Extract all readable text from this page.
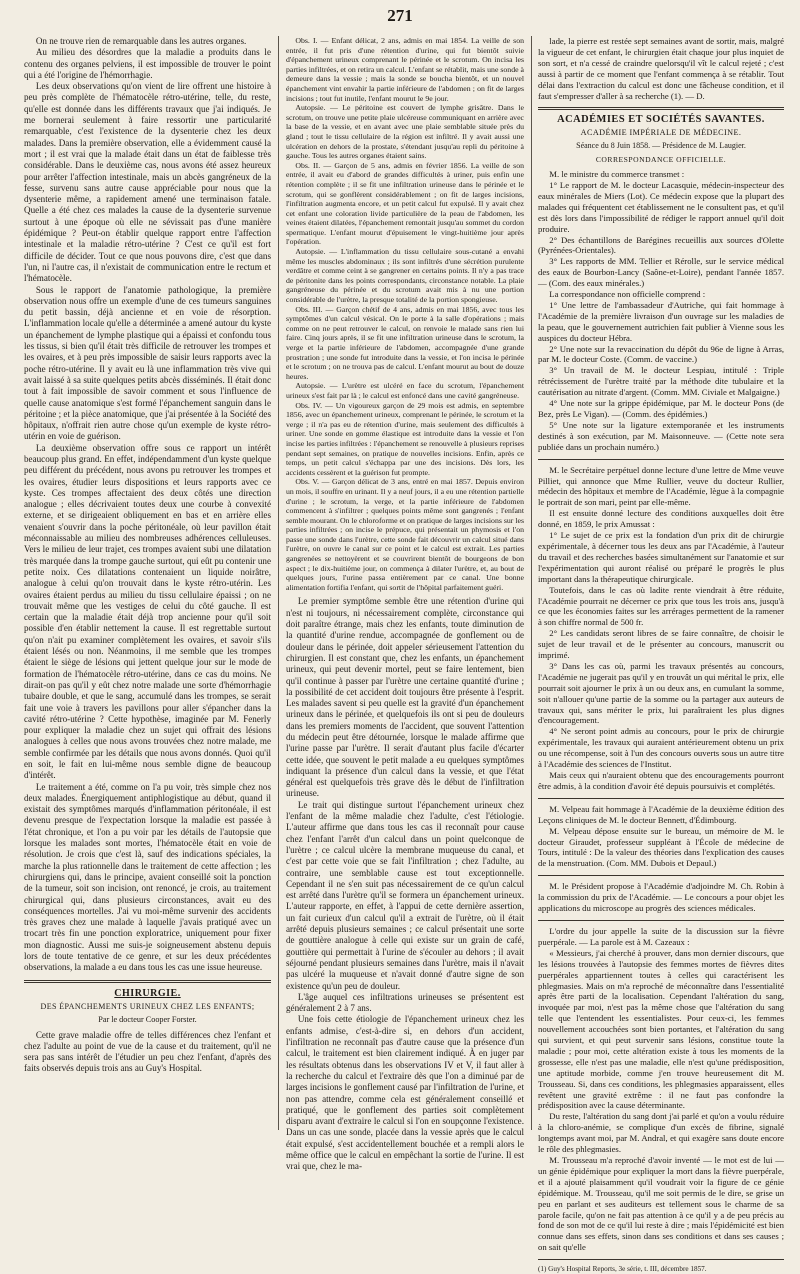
271

On ne trouve rien de remarquable dans les autres organes.

Au milieu des désordres que la maladie a produits dans le contenu des organes pelviens, il est impossible de trouver le point qui a été l'origine de l'hémorrhagie.

Les deux observations qu'on vient de lire offrent une histoire à peu près complète de l'hématocèle rétro-utérine, telle, du reste, qu'elle est donnée dans les différents travaux que j'ai indiqués. Je me bornerai seulement à faire ressortir une particularité remarquable, c'est l'existence de la dysenterie chez les deux malades. Dans la première observation, elle a évidemment causé la mort ; il est vrai que la malade était dans un état de faiblesse très considérable. Dans le deuxième cas, nous avons été assez heureux pour arrêter l'affection intestinale, mais un abcès gangréneux de la fesse, survenu sans autre cause appréciable pour nous que la dysenterie même, a rapidement amené une terminaison fatale. Quelle a été chez ces malades la cause de la dysenterie survenue surtout à une époque où elle ne sévissait pas d'une manière épidémique ? Peut-on établir quelque rapport entre l'affection intestinale et la maladie rétro-utérine ? C'est ce qu'il est fort difficile de décider. Tout ce que nous pouvons dire, c'est que dans l'un, ni l'autre cas, il n'existait de communication entre le rectum et l'hématocèle.

Sous le rapport de l'anatomie pathologique, la première observation nous offre un exemple d'une de ces tumeurs sanguines du petit bassin, déjà ancienne et en voie de résorption. L'inflammation locale qu'elle a déterminée a amené autour du kyste un épanchement de lymphe plastique qui a épaissi et confondu tous les tissus, si bien qu'il était très difficile de retrouver les trompes et les ovaires, et à peu près impossible de saisir leurs rapports avec la poche rétro-utérine. Il y avait eu là une inflammation très vive qui avait laissé à sa suite quelques petits abcès disséminés. Il était donc tout à fait impossible de savoir comment et sous l'influence de quelle cause anatomique s'est formé l'épanchement sanguin dans le péritoine ; et la pièce anatomique, que j'ai présentée à la Société des hôpitaux, n'offrait rien autre chose qu'un exemple de kyste rétro-utérin en voie de guérison.

La deuxième observation offre sous ce rapport un intérêt beaucoup plus grand. En effet, indépendamment d'un kyste quelque peu différent du précédent, nous avons pu retrouver les trompes et les ovaires, étudier leurs dispositions et leurs rapports avec ce kyste. Ces trompes affectaient des deux côtés une direction analogue ; elles décrivaient toutes deux une courbe à convexité externe, et se dirigeaient obliquement en bas et en arrière elles venaient s'ouvrir dans la poche péritonéale, où leur pavillon était méconnaissable au milieu des nombreuses adhérences celluleuses. Vers le milieu de leur trajet, ces trompes avaient subi une dilatation très marquée dans la trompe gauche surtout, qui eût pu contenir une petite noix. Ces dilatations contenaient un liquide noirâtre, analogue à celui qu'on trouvait dans le kyste rétro-utérin. Les ovaires étaient perdus au milieu du tissu cellulaire épaissi ; on ne trouvait même que les vestiges de celui du côté gauche. Il est certain que la maladie était déjà trop ancienne pour qu'il soit possible d'en établir nettement la cause. Il est regrettable surtout qu'on n'ait pu examiner complètement les ovaires, et savoir s'ils étaient lésés ou non. Néanmoins, il me semble que les trompes étaient le siège de lésions qui jettent quelque jour sur le mode de formation de l'hématocèle rétro-utérine, dans ce cas du moins. Ne dirait-on pas qu'il y eût chez notre malade une sorte d'hémorrhagie tubaire double, et que le sang, accumulé dans les trompes, se serait fait une voie à travers les pavillons pour aller s'épancher dans la cavité rétro-utérine ? Cette hypothèse, imaginée par M. Fenerly pour expliquer la maladie chez un sujet qui offrait des lésions analogues à celles que nous avons trouvées chez notre malade, me semble confirmée par les détails que nous avons donnés. Quoi qu'il en soit, le fait en lui-même nous semble digne de beaucoup d'intérêt.

Le traitement a été, comme on l'a pu voir, très simple chez nos deux malades. Énergiquement antiphlogistique au début, quand il existait des symptômes marqués d'inflammation péritonéale, il est devenu presque de l'expectation lorsque la maladie est passée à l'état chronique, et l'on a pu voir par les détails de l'autopsie que lorsque les malades sont mortes, l'hématocèle était en voie de résolution. Je crois que c'est là, sauf des indications spéciales, la marche la plus rationnelle dans le traitement de cette affection ; les chirurgiens qui, dans le principe, avaient conseillé soit la ponction de la tumeur, soit son incision, ont renoncé, je crois, au traitement chirurgical qui, dans plusieurs circonstances, avait eu des conséquences mortelles. J'ai vu moi-même survenir des accidents très graves chez une malade à laquelle j'avais pratiqué avec un trocart très fin une ponction exploratrice, uniquement pour fixer mon diagnostic. Aussi me suis-je soigneusement abstenu depuis lors de toute tentative de ce genre, et sur les deux précédentes observations, la malade a eu dans tous les cas une issue heureuse.

CHIRURGIE.
DES ÉPANCHEMENTS URINEUX CHEZ LES ENFANTS;
Par le docteur Cooper Forster.

Cette grave maladie offre de telles différences chez l'enfant et chez l'adulte au point de vue de la cause et du traitement, qu'il ne sera pas sans intérêt de l'étudier un peu chez l'enfant, d'après des faits observés depuis trois ans au Guy's Hospital.

Obs. I. — Enfant délicat, 2 ans, admis en mai 1854. La veille de son entrée, il fut pris d'une rétention d'urine, qui fut bientôt suivie d'épanchement urineux comprenant le périnée et le scrotum. On incisa les parties infiltrées, et on retira un calcul. L'enfant se rétablit, mais une sonde à demeure dans la vessie ; mais la sonde se boucha bientôt, et un nouvel épanchement vint envahir la partie inférieure de l'abdomen ; on fit de larges incisions ; tout fut inutile, l'enfant mourut le 9e jour.

Autopsie. — Le péritoine est couvert de lymphe grisâtre. Dans le scrotum, on trouve une petite plaie ulcéreuse communiquant en arrière avec la base de la vessie, et en avant avec une plaie semblable située près du gland ; tout le tissu cellulaire de la région est infiltré. Il y avait aussi une ulcération en dehors de la prostate, s'étendant jusqu'au repli du péritoine à gauche. Tous les autres organes étaient sains.

Obs. II. — Garçon de 5 ans, admis en février 1856. La veille de son entrée, il avait eu d'abord de grandes difficultés à uriner, puis enfin une rétention complète ; il se fit une infiltration urineuse dans le périnée et le scrotum, qui se gonflèrent considérablement ; on fit de larges incisions, l'infiltration augmenta encore, et un petit calcul fut expulsé. Il y avait chez cet enfant une coloration livide particulière de la peau de l'abdomen, les veines étaient dilatées, l'épanchement remontait jusqu'au sommet du cordon spermatique. L'enfant mourut d'épuisement le vingt-huitième jour après l'opération.

Autopsie. — L'inflammation du tissu cellulaire sous-cutané a envahi même les muscles abdominaux ; ils sont infiltrés d'une sécrétion purulente verdâtre et comme ceint à se gangrener en certains points. Il n'y a pas trace de péritonite dans les points correspondants, circonstance notable. La plaie gangréneuse du périnée et du scrotum avait mis à nu une portion considérable de l'urètre, la presque totalité de la portion spongieuse.

Obs. III. — Garçon chétif de 4 ans, admis en mai 1856, avec tous les symptômes d'un calcul vésical. On le porte à la salle d'opérations ; mais comme on ne peut retrouver le calcul, on renvoie le malade sans rien lui faire. Cinq jours après, il se fit une infiltration urineuse dans le scrotum, la verge et la partie inférieure de l'abdomen, accompagnée d'une grande prostration ; une sonde fut introduite dans la vessie, et l'on incisa le périnée et le scrotum ; on ne trouva pas de calcul. L'enfant mourut au bout de douze heures.

Autopsie. — L'urètre est ulcéré en face du scrotum, l'épanchement urineux s'est fait par là ; le calcul est enfoncé dans une cavité gangréneuse.

Obs. IV. — Un vigoureux garçon de 29 mois est admis, en septembre 1856, avec un épanchement urineux, comprenant le périnée, le scrotum et la verge ; il n'a pas eu de rétention d'urine, mais seulement des difficultés à uriner. Une sonde en gomme élastique est introduite dans la vessie et l'on incise les parties infiltrées : l'épanchement se renouvelle à plusieurs reprises pendant sept semaines, on pratique de nouvelles incisions. Enfin, après ce temps, un petit calcul s'échappa par une des incisions. Dès lors, les accidents cessèrent et la guérison fut prompte.

Obs. V. — Garçon délicat de 3 ans, entré en mai 1857. Depuis environ un mois, il souffre en urinant. Il y a neuf jours, il a eu une rétention partielle d'urine ; le scrotum, la verge, et la partie inférieure de l'abdomen commencent à s'infiltrer ; quelques points même sont gangrenés ; l'enfant semble mourant. On le chloroforme et on pratique de larges incisions sur les parties infiltrées ; on incise le prépuce, qui présentait un phymosis et l'on passe une sonde dans l'urètre, cette sonde fait découvrir un calcul situé dans l'urètre, on ouvre le canal sur ce point et le calcul est extrait. Les parties gangrenées se nettoyèrent et se couvrirent bientôt de bourgeons de bon aspect ; le dix-huitième jour, on commença à dilater l'urètre, et, au bout de quelques jours, l'urine passa entièrement par ce canal. Une bonne alimentation fortifia l'enfant, qui sortit de l'hôpital parfaitement guéri.

Le premier symptôme semble être une rétention d'urine qui n'est ni toujours, ni nécessairement complète, circonstance qui doit paraître étrange, mais chez les enfants, toute diminution de la quantité d'urine rendue, accompagnée de gonflement ou de douleur dans le périnée, doit appeler sérieusement l'attention du chirurgien. Il est constant que, chez les enfants, un épanchement urineux, qui peut devenir mortel, peut se faire lentement, bien qu'il continue à passer par l'urètre une certaine quantité d'urine ; la possibilité de cet accident doit toujours être présente à l'esprit. Les malades savent si peu quelle est la gravité d'un épanchement urineux dans le périnée, et quelquefois ils ont si peu de douleurs dans les premiers moments de l'accident, que souvent l'attention du médecin peut être détournée, lorsque le malade affirme que l'urine passe par l'urètre. Il serait d'autant plus facile d'écarter cette idée, que souvent le petit malade a eu quelques symptômes indiquant la présence d'un calcul dans la vessie, et que l'état général est quelquefois très grave dès le début de l'infiltration urineuse.

Le trait qui distingue surtout l'épanchement urineux chez l'enfant de la même maladie chez l'adulte, c'est l'étiologie. L'auteur affirme que dans tous les cas il reconnaît pour cause chez l'enfant l'arrêt d'un calcul dans un point quelconque de l'urètre ; ce calcul ulcère la membrane muqueuse du canal, et c'est par cette voie que se fait l'infiltration ; chez l'adulte, au contraire, une semblable cause est tout exceptionnelle. Cependant il ne s'en suit pas nécessairement de ce qu'un calcul est arrêté dans l'urètre qu'il se formera un épanchement urineux. L'auteur rapporte, en effet, à l'appui de cette dernière assertion, un fait curieux d'un calcul qu'il a extrait de l'urètre, où il était arrêté depuis plusieurs semaines ; ce calcul présentait une sorte de gouttière analogue à celle qui existe sur un grain de café, gouttière qui permettait à l'urine de s'écouler au dehors ; il avait séjourné pendant plusieurs semaines dans l'urètre, mais il n'avait pas ulcéré la muqueuse et n'avait donné d'autre signe de son existence qu'un peu de douleur.

L'âge auquel ces infiltrations urineuses se présentent est généralement 2 à 7 ans.

Une fois cette étiologie de l'épanchement urineux chez les enfants admise, c'est-à-dire si, en dehors d'un accident, l'infiltration ne reconnaît pas d'autre cause que la présence d'un calcul, le traitement est bien clairement indiqué. À en juger par les résultats obtenus dans les observations IV et V, il faut aller à la recherche du calcul et l'extraire dès que l'on a diminué par de larges incisions le gonflement causé par l'infiltration de l'urine, et non pas attendre, comme cela est généralement conseillé et pratiqué, que le gonflement des parties soit complètement disparu avant d'extraire le calcul si l'on en soupçonne l'existence. Dans un cas une sonde, placée dans la vessie après que le calcul était expulsé, s'est accidentellement bouchée et a rempli alors le même office que le calcul en empêchant la sortie de l'urine. Il est vrai que, chez le ma-

lade, la pierre est restée sept semaines avant de sortir, mais, malgré la vigueur de cet enfant, le chirurgien était chaque jour plus inquiet de son sort, et n'a cessé de craindre quelorsqu'il vît le calcul rejeté ; c'est aussi à partir de ce moment que l'enfant commença à se rétablir. Tout délai dans l'extraction du calcul est donc une fâcheuse condition, et il faut s'empresser d'aller à sa recherche (1). — D.

ACADÉMIES ET SOCIÉTÉS SAVANTES.
ACADÉMIE IMPÉRIALE DE MÉDECINE.
Séance du 8 Juin 1858. — Présidence de M. Laugier.
CORRESPONDANCE OFFICIELLE.

M. le ministre du commerce transmet :

1° Le rapport de M. le docteur Lacasquie, médecin-inspecteur des eaux minérales de Miers (Lot). Ce médecin expose que la plupart des malades qui fréquentent cet établissement ne le consultent pas, et qu'il est dès lors dans l'impossibilité de rédiger le rapport annuel qu'il doit produire.

2° Des échantillons de Barégines recueillis aux sources d'Olette (Pyrénées-Orientales).

3° Les rapports de MM. Tellier et Rérolle, sur le service médical des eaux de Bourbon-Lancy (Saône-et-Loire), pendant l'année 1857. — (Com. des eaux minérales.)

La correspondance non officielle comprend :

1° Une lettre de l'ambassadeur d'Autriche, qui fait hommage à l'Académie de la première livraison d'un ouvrage sur les maladies de la peau, que le gouvernement autrichien fait publier à Vienne sous les auspices du docteur Hébra.

2° Une note sur la revaccination du dépôt du 96e de ligne à Arras, par M. le docteur Coste. (Comm. de vaccine.)

3° Un travail de M. le docteur Lespiau, intitulé : Triple rétrécissement de l'urètre traité par la méthode dite tubulaire et la cautérisation au nitrate d'argent. (Comm. MM. Civiale et Malgaigne.)

4° Une note sur la grippe épidémique, par M. le docteur Pons (de Bez, près Le Vigan). — (Comm. des épidémies.)

5° Une note sur la ligature extemporanée et les instruments destinés à son exécution, par M. Maisonneuve. — (Cette note sera publiée dans un prochain numéro.)

M. le Secrétaire perpétuel donne lecture d'une lettre de Mme veuve Pilliet, qui annonce que Mme Rullier, veuve du docteur Rullier, médecin des hôpitaux et membre de l'Académie, lègue à la compagnie le portrait de son mari, peint par elle-même.

Il est ensuite donné lecture des conditions auxquelles doit être donné, en 1859, le prix Amussat :

1° Le sujet de ce prix est la fondation d'un prix dit de chirurgie expérimentale, à décerner tous les deux ans par l'Académie, à l'auteur du travail et des recherches basées simultanément sur l'anatomie et sur l'expérimentation qui auront réalisé ou préparé le progrès le plus important dans la thérapeutique chirurgicale.

Toutefois, dans le cas où ladite rente viendrait à être réduite, l'Académie pourrait ne décerner ce prix que tous les trois ans, jusqu'à ce que les économies faites sur les arrérages permettent de la ramener à son chiffre normal de 500 fr.

2° Les candidats seront libres de se faire connaître, de choisir le sujet de leur travail et de le présenter au concours, manuscrit ou imprimé.

3° Dans les cas où, parmi les travaux présentés au concours, l'Académie ne jugerait pas qu'il y en trouvât un qui mérital le prix, elle pourrait soit ajourner le prix à un ou deux ans, en cumulant la somme, soit n'allouer qu'une partie de la somme ou la partager aux auteurs de travaux qui, sans mériter le prix, lui paraîtraient les plus dignes d'encouragement.

4° Ne seront point admis au concours, pour le prix de chirurgie expérimentale, les travaux qui auraient antérieurement obtenu un prix ou une récompense, soit à l'un des concours ouverts sous un autre titre à l'Académie des sciences de l'Institut.

Mais ceux qui n'auraient obtenu que des encouragements pourront être admis, à la condition d'avoir été depuis poursuivis et complétés.

M. Velpeau fait hommage à l'Académie de la deuxième édition des Leçons cliniques de M. le docteur Bennett, d'Édimbourg.

M. Velpeau dépose ensuite sur le bureau, un mémoire de M. le docteur Giraudet, professeur suppléant à l'École de médecine de Tours, intitulé : De la valeur des théories dans l'explication des causes de la menstruation. (Com. MM. Dubois et Depaul.)

M. le Président propose à l'Académie d'adjoindre M. Ch. Robin à la commission du prix de l'Académie. — Le concours a pour objet les applications du microscope au progrès des sciences médicales.

L'ordre du jour appelle la suite de la discussion sur la fièvre puerpérale. — La parole est à M. Cazeaux :

« Messieurs, j'ai cherché à prouver, dans mon dernier discours, que les lésions trouvées à l'autopsie des femmes mortes de fièvres dites puerpérales appartiennent toutes à celles qui caractérisent les phlegmasies. Mais on m'a reproché de méconnaître dans l'essentialité après être parti de la localisation. Cependant l'altération du sang, invoquée par moi, n'est pas la même chose que l'altération du sang telle que l'entendent les essentialistes. Pour ceux-ci, les femmes nouvellement accouchées sont bien portantes, et l'altération du sang qui survient, et qui peut survenir sans lésions, constitue toute la maladie ; pour moi, cette altération existe à tous les moments de la grossesse, elle n'est pas une maladie, elle n'est qu'une prédisposition, une aptitude morbide, comme j'en trouve heureusement dit M. Trousseau. Si, dans ces conditions, les phlegmasies apparaissent, elles revêtent une gravité extrême : il ne faut pas confondre la prédisposition avec la cause déterminante.

Du reste, l'altération du sang dont j'ai parlé et qu'on a voulu réduire à la chloro-anémie, se complique d'un excès de fibrine, signalé longtemps avant moi, par M. Andral, et qui exagère sans doute encore le rôle des phlegmasies.

M. Trousseau m'a reproché d'avoir inventé — le mot est de lui — un génie épidémique pour expliquer la mort dans la fièvre puerpérale, et il a ajouté plaisamment qu'il voudrait voir la figure de ce génie épidémique. M. Trousseau, qu'il me soit permis de le dire, se grise un peu en parlant et ses auditeurs est tellement sous le charme de sa parole facile, qu'on ne fait pas attention à ce qu'il y a de peu précis au fond de son mot de ce qu'il lui reste à dire ; mais l'épidémicité est bien connue dans ses effets, sinon dans ses conditions et dans ses causes ; on sait qu'elle

(1) Guy's Hospital Reports, 3e série, t. III, décembre 1857.
